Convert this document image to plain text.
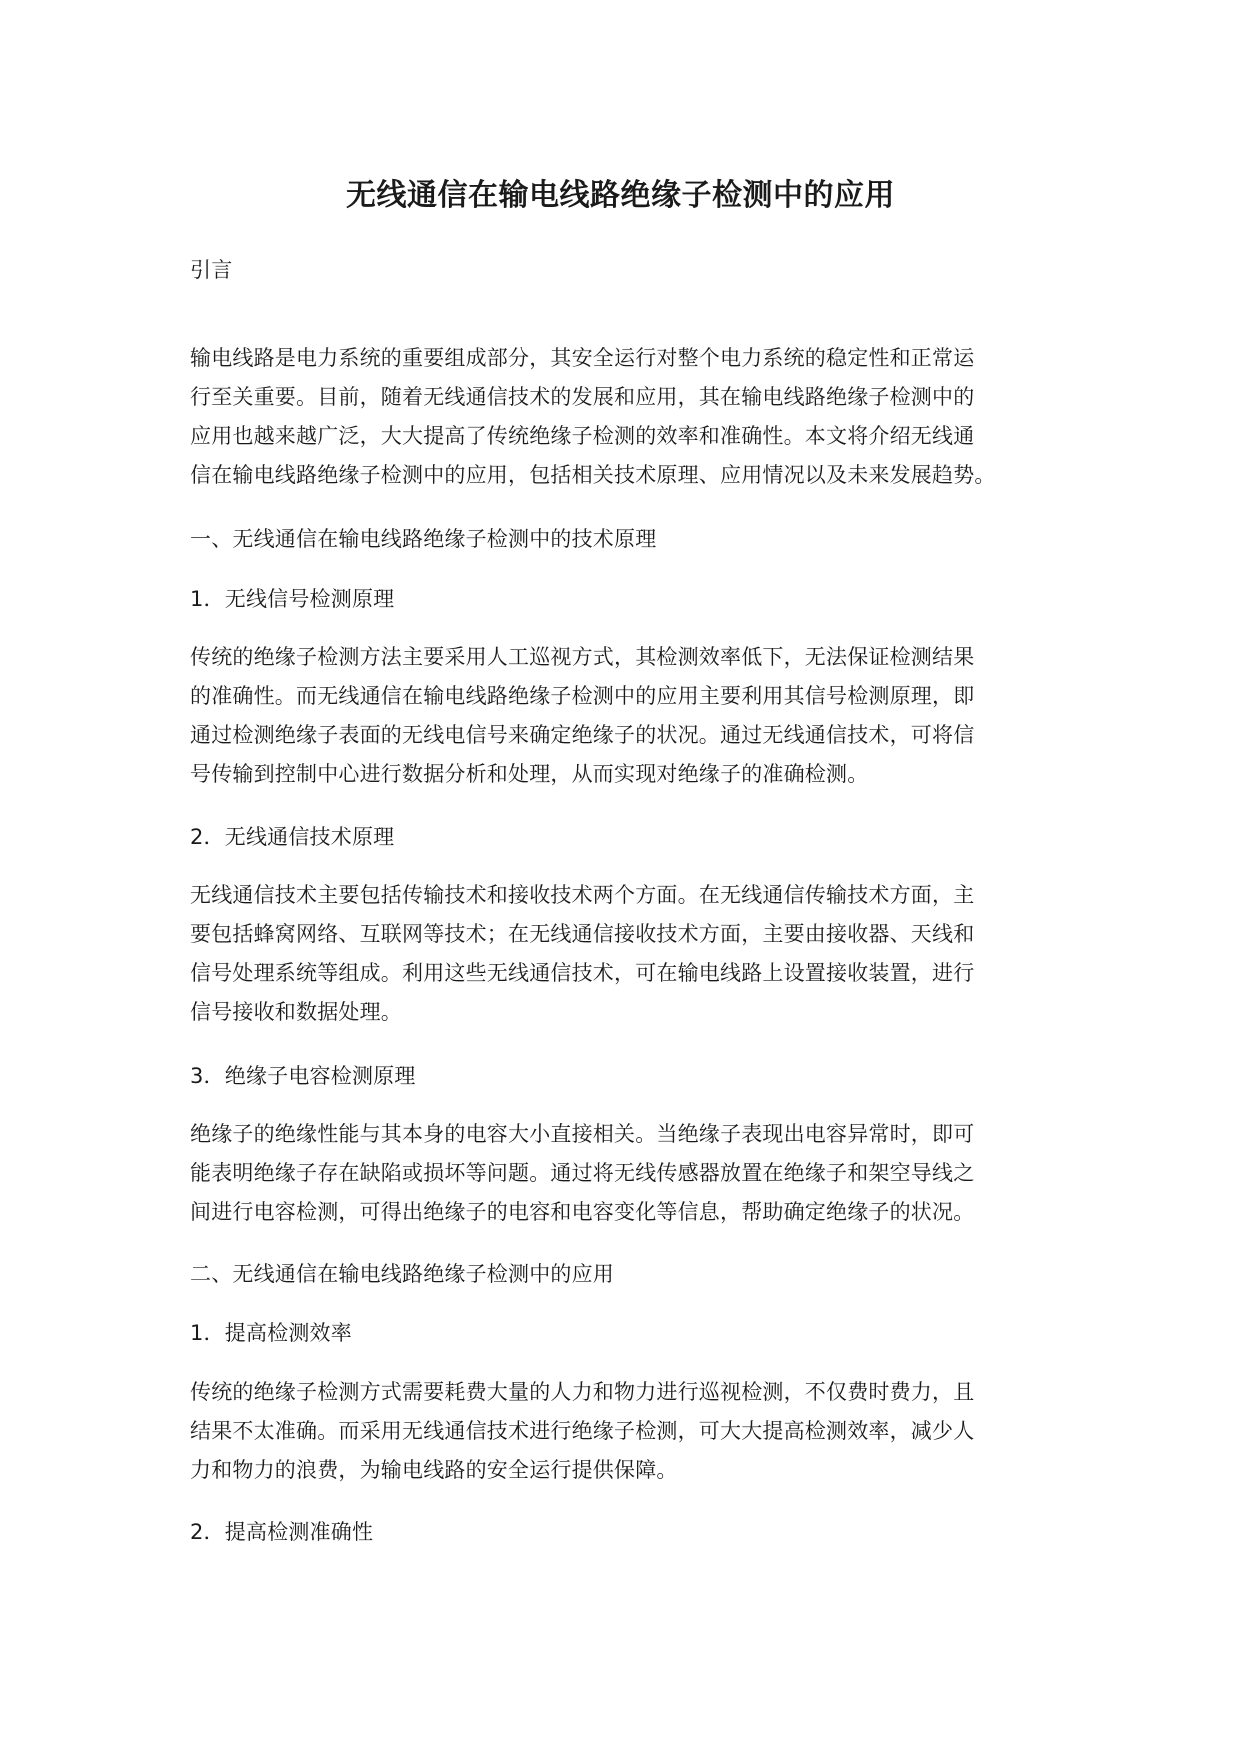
无线通信在输电线路绝缘子检测中的应用

引言

输电线路是电力系统的重要组成部分，其安全运行对整个电力系统的稳定性和正常运
行至关重要。目前，随着无线通信技术的发展和应用，其在输电线路绝缘子检测中的
应用也越来越广泛，大大提高了传统绝缘子检测的效率和准确性。本文将介绍无线通
信在输电线路绝缘子检测中的应用，包括相关技术原理、应用情况以及未来发展趋势。

一、无线通信在输电线路绝缘子检测中的技术原理

1．无线信号检测原理

传统的绝缘子检测方法主要采用人工巡视方式，其检测效率低下，无法保证检测结果
的准确性。而无线通信在输电线路绝缘子检测中的应用主要利用其信号检测原理，即
通过检测绝缘子表面的无线电信号来确定绝缘子的状况。通过无线通信技术，可将信
号传输到控制中心进行数据分析和处理，从而实现对绝缘子的准确检测。

2．无线通信技术原理

无线通信技术主要包括传输技术和接收技术两个方面。在无线通信传输技术方面，主
要包括蜂窝网络、互联网等技术；在无线通信接收技术方面，主要由接收器、天线和
信号处理系统等组成。利用这些无线通信技术，可在输电线路上设置接收装置，进行
信号接收和数据处理。

3．绝缘子电容检测原理

绝缘子的绝缘性能与其本身的电容大小直接相关。当绝缘子表现出电容异常时，即可
能表明绝缘子存在缺陷或损坏等问题。通过将无线传感器放置在绝缘子和架空导线之
间进行电容检测，可得出绝缘子的电容和电容变化等信息，帮助确定绝缘子的状况。

二、无线通信在输电线路绝缘子检测中的应用

1．提高检测效率

传统的绝缘子检测方式需要耗费大量的人力和物力进行巡视检测，不仅费时费力，且
结果不太准确。而采用无线通信技术进行绝缘子检测，可大大提高检测效率，减少人
力和物力的浪费，为输电线路的安全运行提供保障。

2．提高检测准确性
